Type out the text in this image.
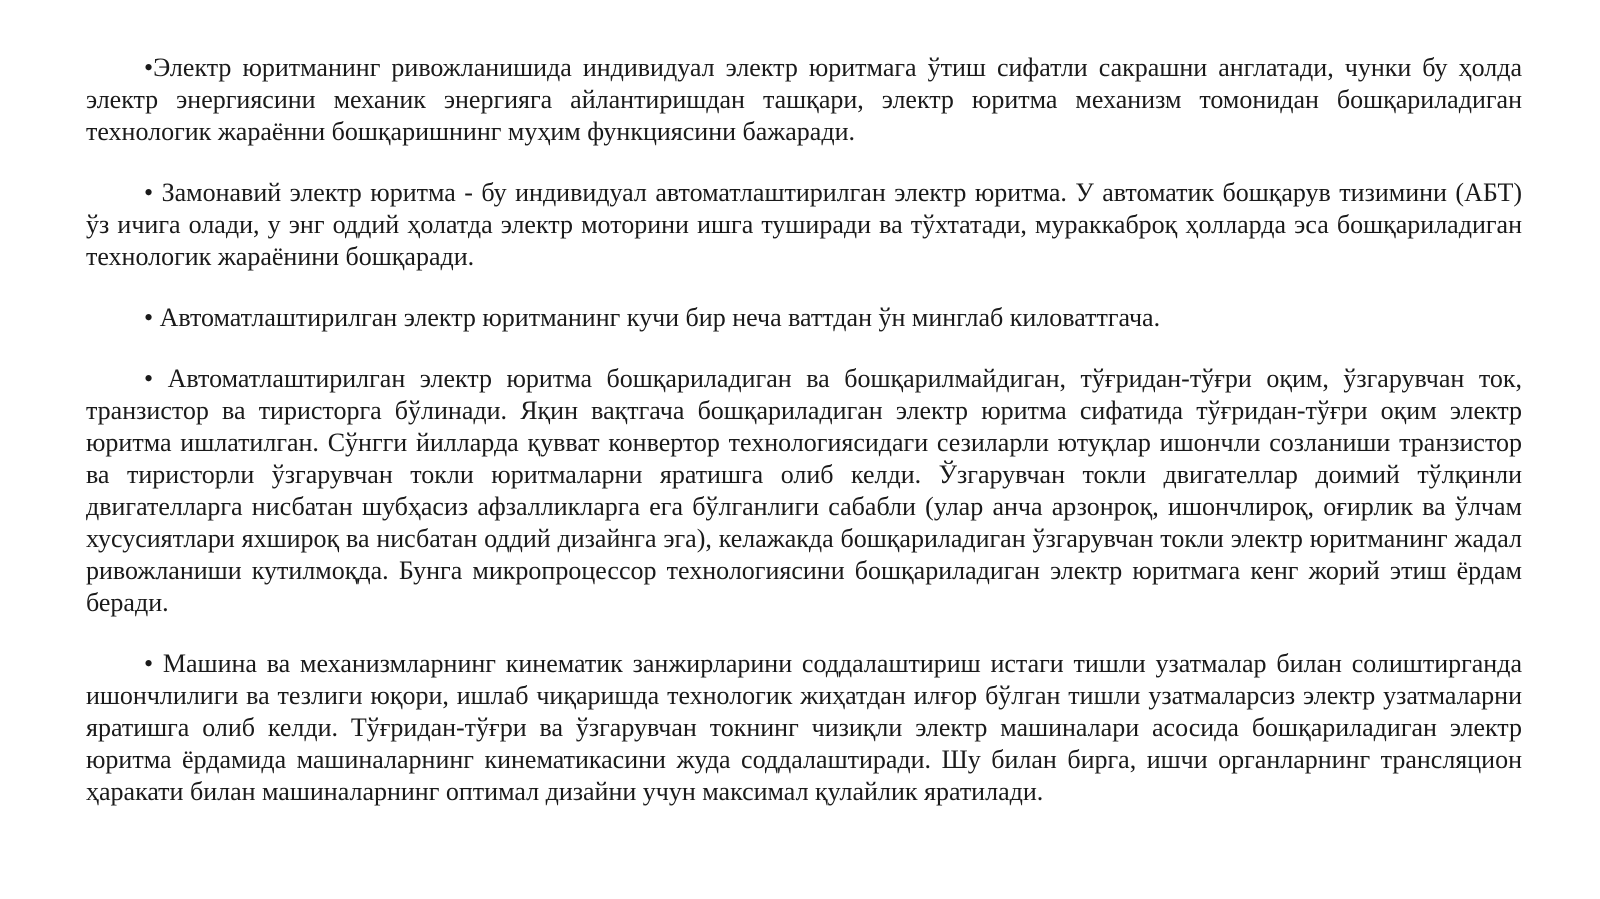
•Электр юритманинг ривожланишида индивидуал электр юритмага ўтиш сифатли сакрашни англатади, чунки бу ҳолда электр энергиясини механик энергияга айлантиришдан ташқари, электр юритма механизм томонидан бошқариладиган технологик жараённи бошқаришнинг муҳим функциясини бажаради.

• Замонавий электр юритма - бу индивидуал автоматлаштирилган электр юритма. У автоматик бошқарув тизимини (АБТ) ўз ичига олади, у энг оддий ҳолатда электр моторини ишга туширади ва тўхтатади, мураккаброқ ҳолларда эса бошқариладиган технологик жараёнини бошқаради.

• Автоматлаштирилган электр юритманинг кучи бир неча ваттдан ўн минглаб киловаттгача.

• Автоматлаштирилган электр юритма бошқариладиган ва бошқарилмайдиган, тўғридан-тўғри оқим, ўзгарувчан ток, транзистор ва тиристорга бўлинади. Яқин вақтгача бошқариладиган электр юритма сифатида тўғридан-тўғри оқим электр юритма ишлатилган. Сўнгги йилларда қувват конвертор технологиясидаги сезиларли ютуқлар ишончли созланиши транзистор ва тиристорли ўзгарувчан токли юритмаларни яратишга олиб келди. Ўзгарувчан токли двигателлар доимий тўлқинли двигателларга нисбатан шубҳасиз афзалликларга ега бўлганлиги сабабли (улар анча арзонроқ, ишончлироқ, оғирлик ва ўлчам хусусиятлари яхшироқ ва нисбатан оддий дизайнга эга), келажакда бошқариладиган ўзгарувчан токли электр юритманинг жадал ривожланиши кутилмоқда. Бунга микропроцессор технологиясини бошқариладиган электр юритмага кенг жорий этиш ёрдам беради.

• Машина ва механизмларнинг кинематик занжирларини соддалаштириш истаги тишли узатмалар билан солиштирганда ишончлилиги ва тезлиги юқори, ишлаб чиқаришда технологик жиҳатдан илғор бўлган тишли узатмаларсиз электр узатмаларни яратишга олиб келди. Тўғридан-тўғри ва ўзгарувчан токнинг чизиқли электр машиналари асосида бошқариладиган электр юритма ёрдамида машиналарнинг кинематикасини жуда соддалаштиради. Шу билан бирга, ишчи органларнинг трансляцион ҳаракати билан машиналарнинг оптимал дизайни учун максимал қулайлик яратилади.
